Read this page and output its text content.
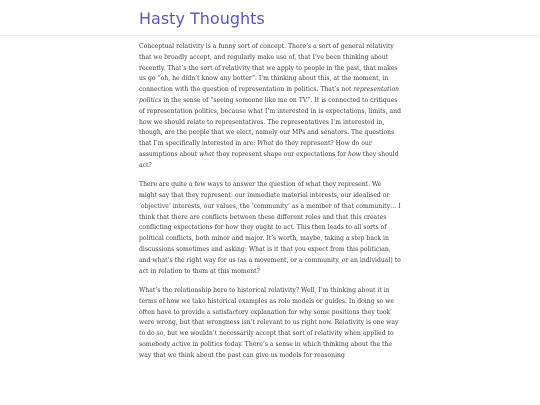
Hasty Thoughts

Conceptual relativity is a funny sort of concept. There’s a sort of general relativity that we broadly accept, and regularly make use of, that I’ve been thinking about recently. That’s the sort of relativity that we apply to people in the past, that makes us go “oh, he didn’t know any better”. I’m thinking about this, at the moment, in connection with the question of representation in politics. That’s not representation politics in the sense of “seeing someone like me on TV”. It is connected to critiques of representation politics, because what I’m interested in is expectations, limits, and how we should relate to representatives. The representatives I’m interested in, though, are the people that we elect, namely our MPs and senators. The questions that I’m specifically interested in are: What do they represent? How do our assumptions about what they represent shape our expectations for how they should act?

There are quite a few ways to answer the question of what they represent. We might say that they represent: our immediate material interests, our idealised or ‘objective’ interests, our values, the ‘community’ as a member of that community… I think that there are conflicts between these different roles and that this creates conflicting expectations for how they ought to act. This then leads to all sorts of political conflicts, both minor and major. It’s worth, maybe, taking a step back in discussions sometimes and asking: What is it that you expect from this politician, and what’s the right way for us (as a movement, or a community, or an individual) to act in relation to them at this moment?

What’s the relationship here to historical relativity? Well, I’m thinking about it in terms of how we take historical examples as role models or guides. In doing so we often have to provide a satisfactory explanation for why some positions they took were wrong, but that wrongness isn’t relevant to us right now. Relativity is one way to do so, but we wouldn’t necessarily accept that sort of relativity when applied to somebody active in politics today. There’s a sense in which thinking about the the way that we think about the past can give us models for reasoning
